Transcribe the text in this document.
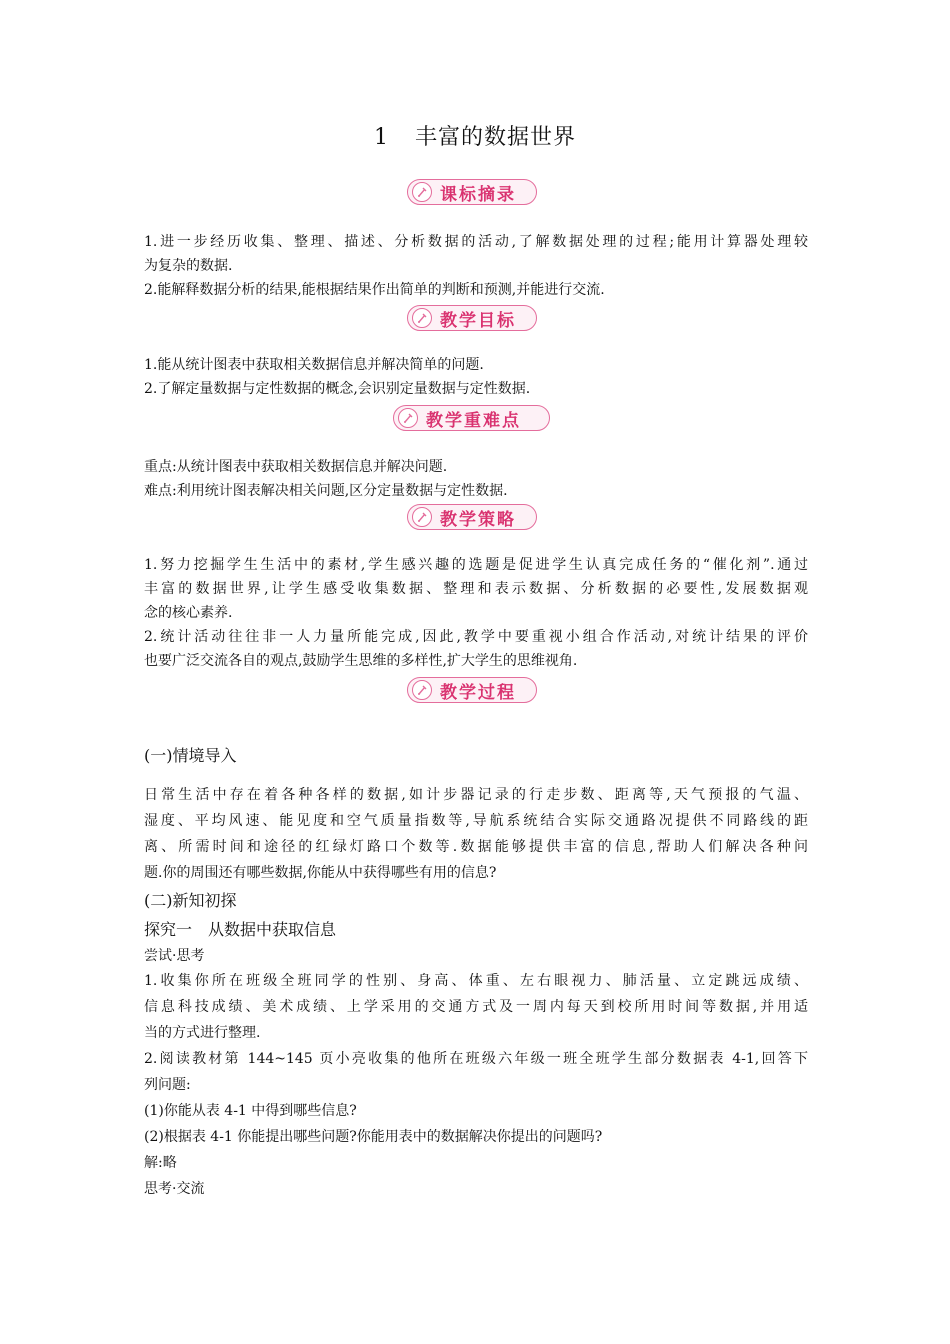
1 丰富的数据世界
课标摘录
1.进一步经历收集、整理、描述、分析数据的活动,了解数据处理的过程;能用计算器处理较
为复杂的数据.
2.能解释数据分析的结果,能根据结果作出简单的判断和预测,并能进行交流.
教学目标
1.能从统计图表中获取相关数据信息并解决简单的问题.
2.了解定量数据与定性数据的概念,会识别定量数据与定性数据.
教学重难点
重点:从统计图表中获取相关数据信息并解决问题.
难点:利用统计图表解决相关问题,区分定量数据与定性数据.
教学策略
1.努力挖掘学生生活中的素材,学生感兴趣的选题是促进学生认真完成任务的“催化剂”.通过
丰富的数据世界,让学生感受收集数据、整理和表示数据、分析数据的必要性,发展数据观
念的核心素养.
2.统计活动往往非一人力量所能完成,因此,教学中要重视小组合作活动,对统计结果的评价
也要广泛交流各自的观点,鼓励学生思维的多样性,扩大学生的思维视角.
教学过程
(一)情境导入
日常生活中存在着各种各样的数据,如计步器记录的行走步数、距离等,天气预报的气温、
湿度、平均风速、能见度和空气质量指数等,导航系统结合实际交通路况提供不同路线的距
离、所需时间和途径的红绿灯路口个数等.数据能够提供丰富的信息,帮助人们解决各种问
题.你的周围还有哪些数据,你能从中获得哪些有用的信息?
(二)新知初探
探究一　从数据中获取信息
尝试·思考
1.收集你所在班级全班同学的性别、身高、体重、左右眼视力、肺活量、立定跳远成绩、
信息科技成绩、美术成绩、上学采用的交通方式及一周内每天到校所用时间等数据,并用适
当的方式进行整理.
2.阅读教材第 144~145 页小亮收集的他所在班级六年级一班全班学生部分数据表 4-1,回答下
列问题:
(1)你能从表 4-1 中得到哪些信息?
(2)根据表 4-1 你能提出哪些问题?你能用表中的数据解决你提出的问题吗?
解:略
思考·交流
